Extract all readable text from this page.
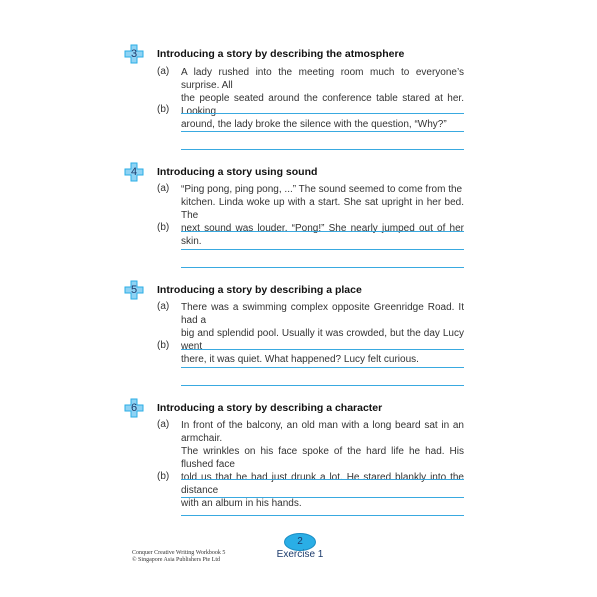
3	Introducing a story by describing the atmosphere
(a) A lady rushed into the meeting room much to everyone’s surprise. All
the people seated around the conference table stared at her. Looking
around, the lady broke the silence with the question, “Why?”
(b)
4	Introducing a story using sound
(a) “Ping pong, ping pong, ...” The sound seemed to come from the
kitchen. Linda woke up with a start. She sat upright in her bed. The
next sound was louder. “Pong!” She nearly jumped out of her skin.
(b)
5	Introducing a story by describing a place
(a) There was a swimming complex opposite Greenridge Road. It had a
big and splendid pool. Usually it was crowded, but the day Lucy went
there, it was quiet. What happened? Lucy felt curious.
(b)
6	Introducing a story by describing a character
(a) In front of the balcony, an old man with a long beard sat in an armchair.
The wrinkles on his face spoke of the hard life he had. His flushed face
told us that he had just drunk a lot. He stared blankly into the distance
with an album in his hands.
(b)
Conquer Creative Writing Workbook 5
© Singapore Asia Publishers Pte Ltd
2
Exercise 1
